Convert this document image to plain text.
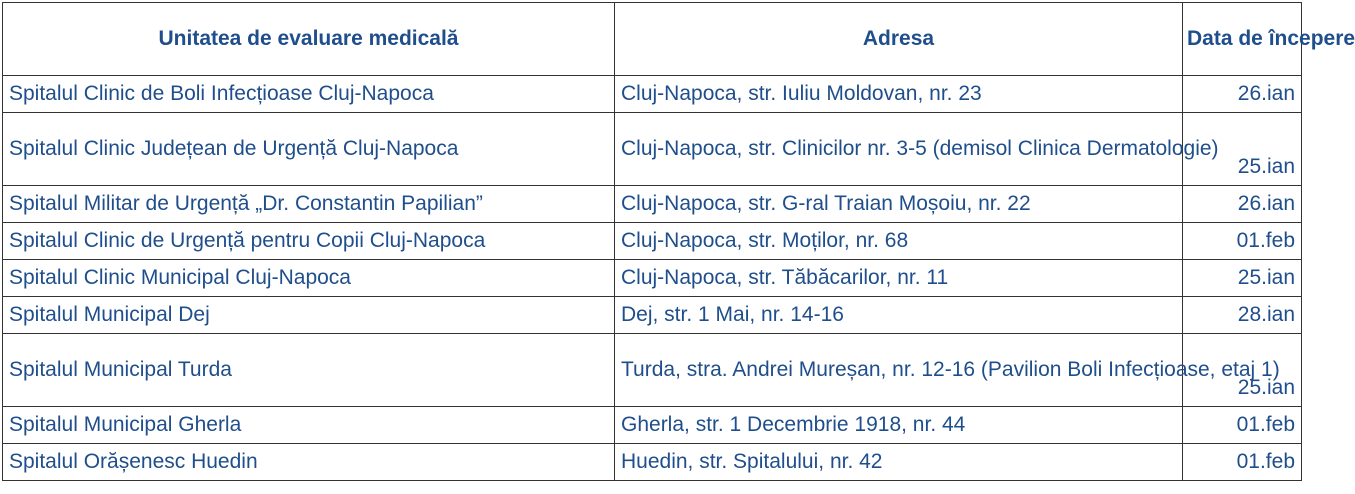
Unitatea de evaluare medicală	Adresa	Data de începere
Spitalul Clinic de Boli Infecțioase Cluj-Napoca	Cluj-Napoca, str. Iuliu Moldovan, nr. 23	26.ian
Spitalul Clinic Județean de Urgență Cluj-Napoca	Cluj-Napoca, str. Clinicilor nr. 3-5 (demisol Clinica Dermatologie)	25.ian
Spitalul Militar de Urgență „Dr. Constantin Papilian”	Cluj-Napoca, str. G-ral Traian Moșoiu, nr. 22	26.ian
Spitalul Clinic de Urgență pentru Copii Cluj-Napoca	Cluj-Napoca, str. Moților, nr. 68	01.feb
Spitalul Clinic Municipal Cluj-Napoca	Cluj-Napoca, str. Tăbăcarilor, nr. 11	25.ian
Spitalul Municipal Dej	Dej, str. 1 Mai, nr. 14-16	28.ian
Spitalul Municipal Turda	Turda, stra. Andrei Mureșan, nr. 12-16 (Pavilion Boli Infecțioase, etaj 1)	25.ian
Spitalul Municipal Gherla	Gherla, str. 1 Decembrie 1918, nr. 44	01.feb
Spitalul Orășenesc Huedin	Huedin, str. Spitalului, nr. 42	01.feb
